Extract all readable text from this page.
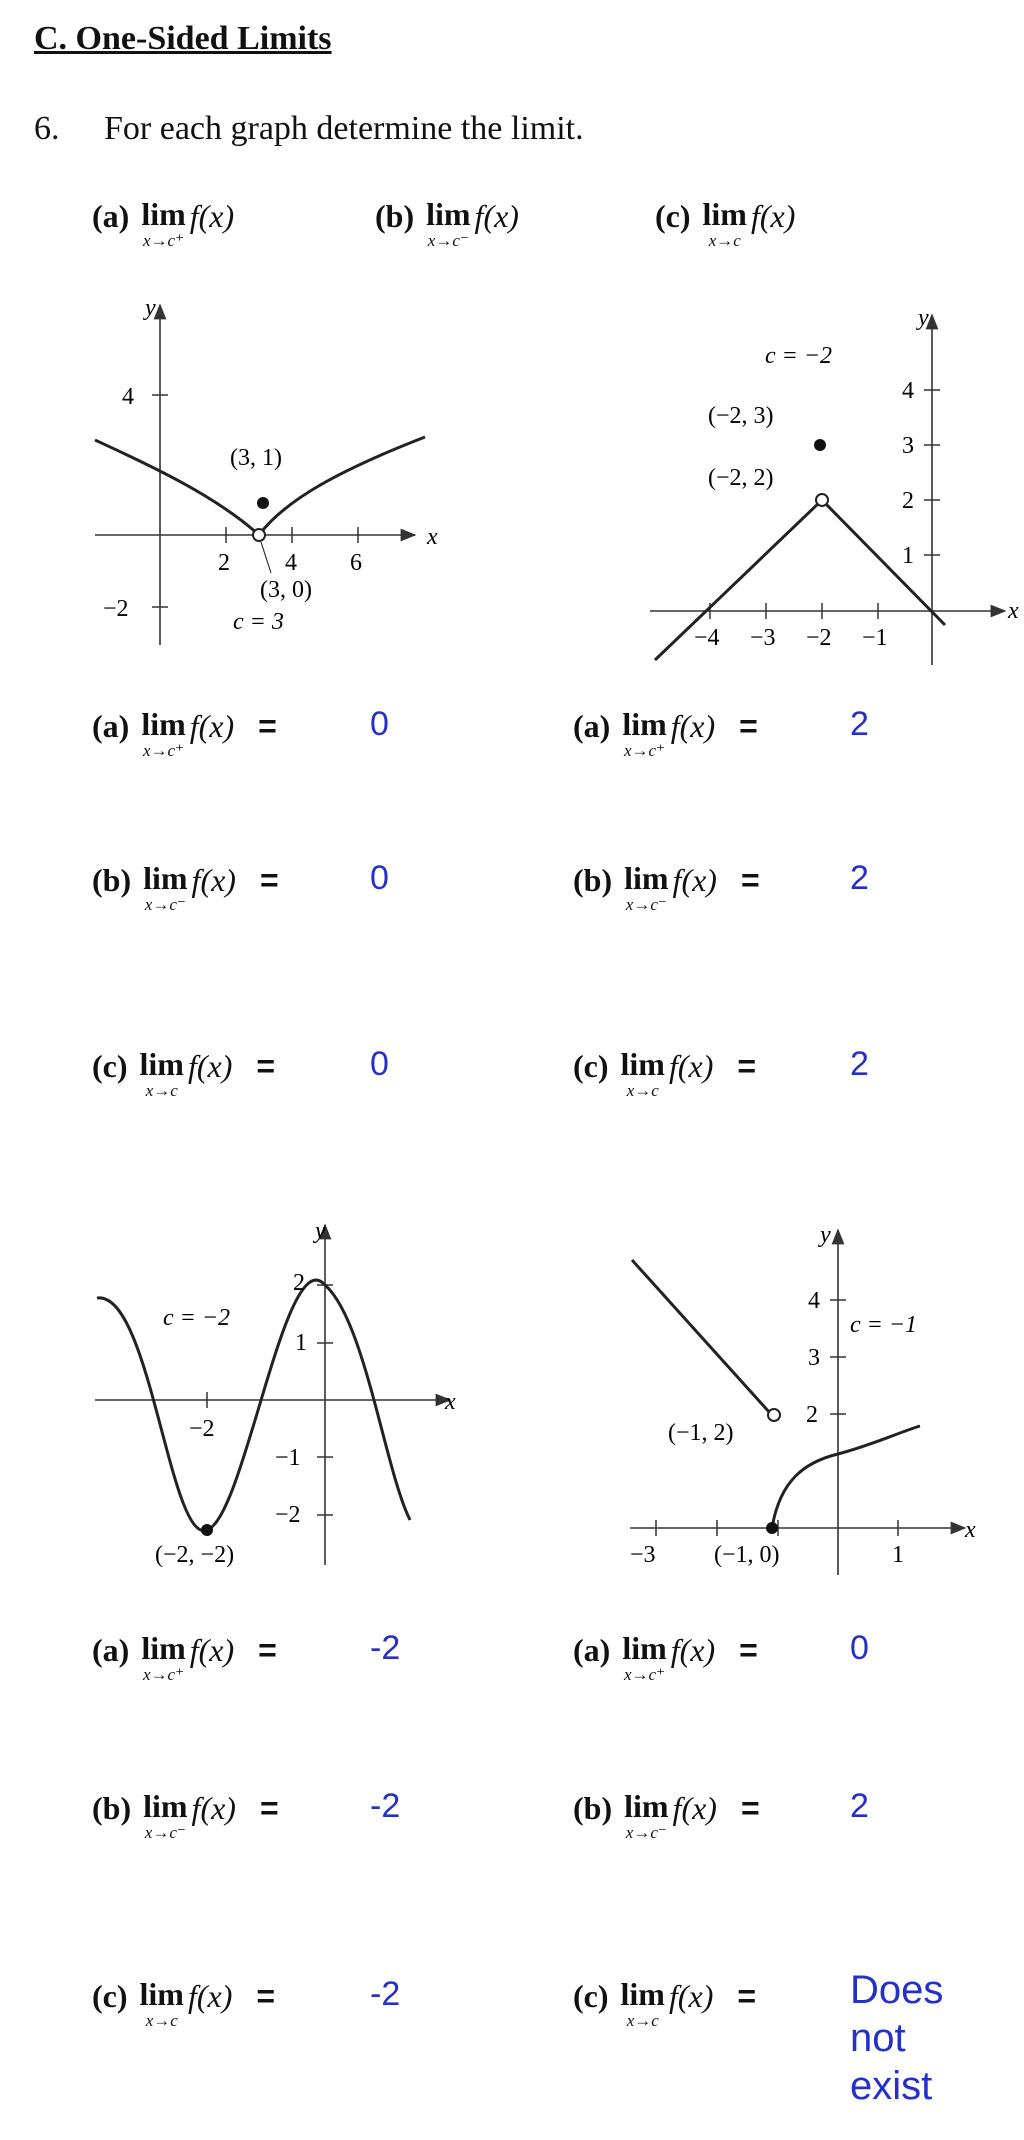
C. One-Sided Limits
6. For each graph determine the limit.
y
x
4
−2
2 4 6
(3, 1)
(3, 0)
c = 3
y
x
c = −2
4
3
2
1
−4 −3 −2 −1
(−2, 3)
(−2, 2)
y
x
c = −2
2
1
−1
−2
−2
(−2, −2)
y
x
c = −1
4
3
2
−3	1
(−1, 2)
(−1, 0)
(a) lim
x→c⁺
f(x)	(b) lim
x→c⁻
f(x)	(c) lim
x→c
f(x)
(a) lim
x→c⁺
f(x) =	0
(b) lim
x→c⁻
f(x) =	0
(c) lim
x→c
f(x) =	0
(a) lim
x→c⁺
f(x) =	2
(b) lim
x→c⁻
f(x) =	2
(c) lim
x→c
f(x) =	2
(a) lim
x→c⁺
f(x) =	-2
(b) lim
x→c⁻
f(x) =	-2
(c) lim
x→c
f(x) =	-2
(a) lim
x→c⁺
f(x) =	0
(b) lim
x→c⁻
f(x) =	2
(c) lim
x→c
f(x) = Does not exist
